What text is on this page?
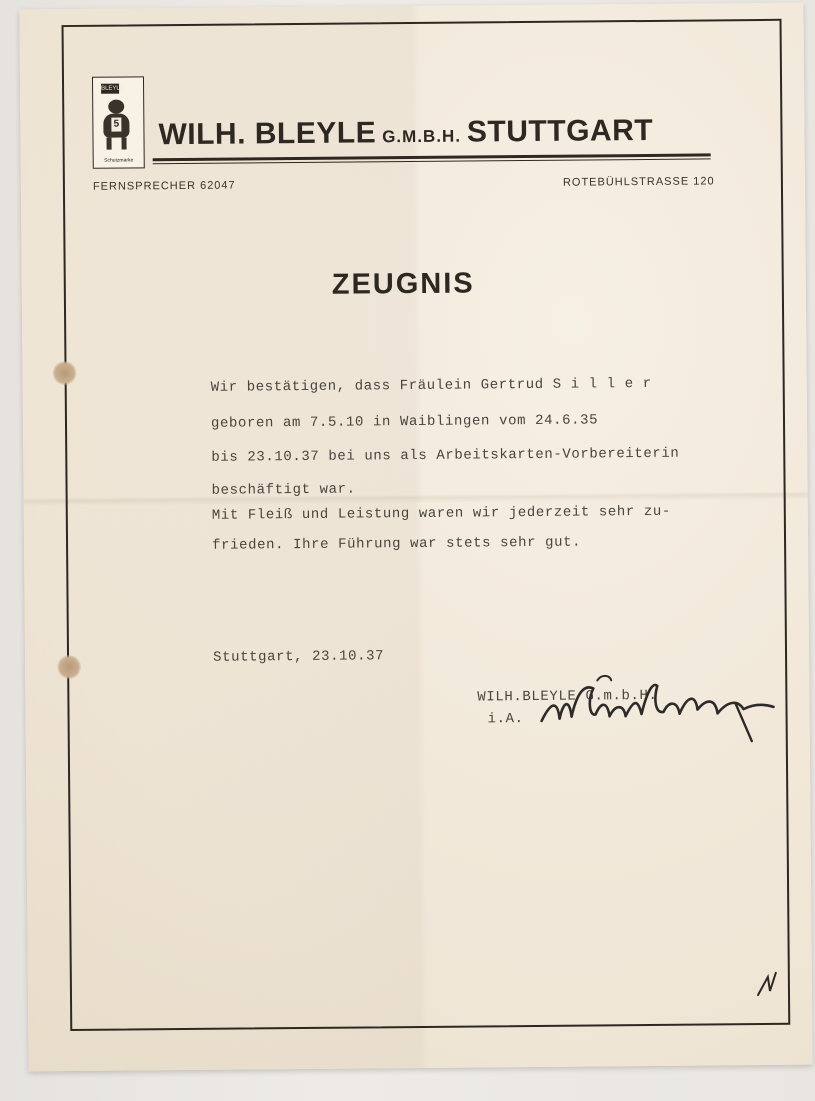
BLEYLE
5
Schutzmarke
WILH. BLEYLE G.M.B.H. STUTTGART
FERNSPRECHER 62047	ROTEBÜHLSTRASSE 120
ZEUGNIS
Wir bestätigen, dass Fräulein Gertrud S i l l e r
geboren am 7.5.10 in Waiblingen vom 24.6.35
bis 23.10.37 bei uns als Arbeitskarten-Vorbereiterin
beschäftigt war.
Mit Fleiß und Leistung waren wir jederzeit sehr zu-
frieden. Ihre Führung war stets sehr gut.
Stuttgart, 23.10.37
WILH.BLEYLE G.m.b.H.
i.A.
